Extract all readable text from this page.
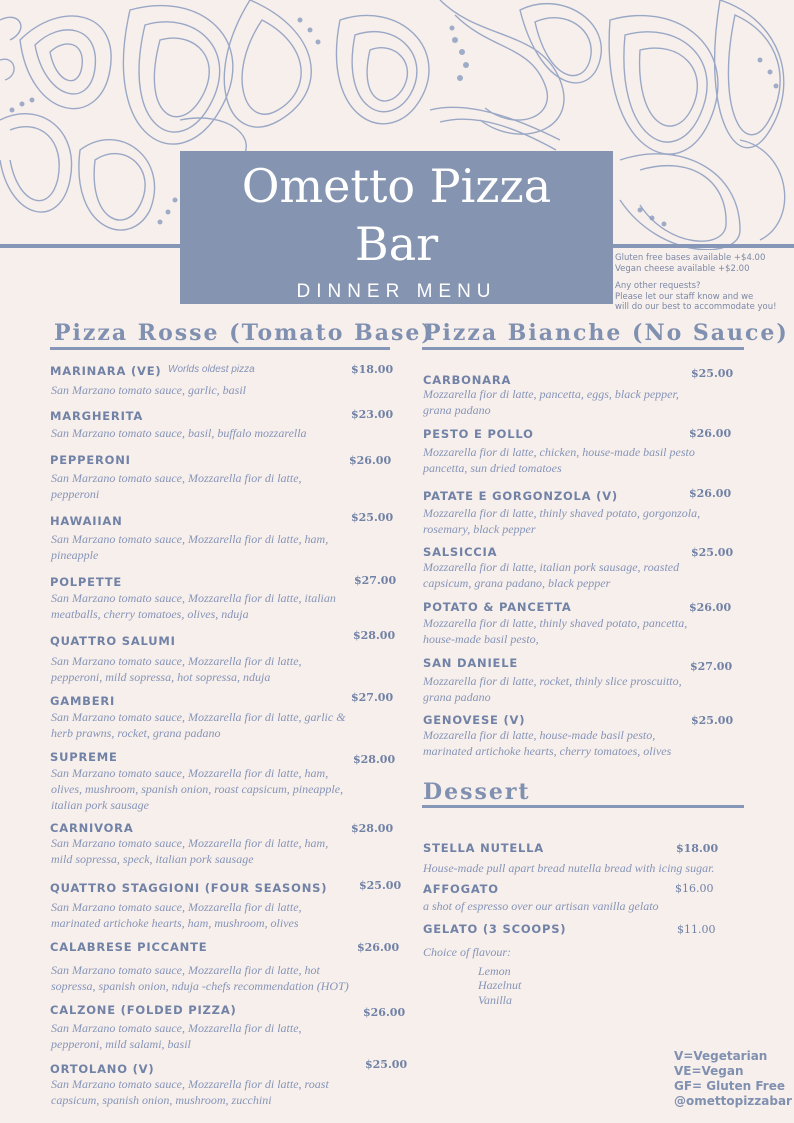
Ometto Pizza
Bar
DINNER MENU
Gluten free bases available +$4.00
Vegan cheese available +$2.00
Any other requests?
Please let our staff know and we
will do our best to accommodate you!
Pizza Rosse (Tomato Base)
Pizza Bianche (No Sauce)
Dessert
MARINARA (VE) Worlds oldest pizza	$18.00
San Marzano tomato sauce, garlic, basil
MARGHERITA	$23.00
San Marzano tomato sauce, basil, buffalo mozzarella
PEPPERONI	$26.00
San Marzano tomato sauce, Mozzarella fior di latte,
pepperoni
HAWAIIAN	$25.00
San Marzano tomato sauce, Mozzarella fior di latte, ham,
pineapple
POLPETTE	$27.00
San Marzano tomato sauce, Mozzarella fior di latte, italian
meatballs, cherry tomatoes, olives, nduja
QUATTRO SALUMI	$28.00
San Marzano tomato sauce, Mozzarella fior di latte,
pepperoni, mild sopressa, hot sopressa, nduja
GAMBERI	$27.00
San Marzano tomato sauce, Mozzarella fior di latte, garlic &
herb prawns, rocket, grana padano
SUPREME	$28.00
San Marzano tomato sauce, Mozzarella fior di latte, ham,
olives, mushroom, spanish onion, roast capsicum, pineapple,
italian pork sausage
CARNIVORA	$28.00
San Marzano tomato sauce, Mozzarella fior di latte, ham,
mild sopressa, speck, italian pork sausage
QUATTRO STAGGIONI (FOUR SEASONS)	$25.00
San Marzano tomato sauce, Mozzarella fior di latte,
marinated artichoke hearts, ham, mushroom, olives
CALABRESE PICCANTE	$26.00
San Marzano tomato sauce, Mozzarella fior di latte, hot
sopressa, spanish onion, nduja -chefs recommendation (HOT)
CALZONE (FOLDED PIZZA)	$26.00
San Marzano tomato sauce, Mozzarella fior di latte,
pepperoni, mild salami, basil
ORTOLANO (V)	$25.00
San Marzano tomato sauce, Mozzarella fior di latte, roast
capsicum, spanish onion, mushroom, zucchini
CARBONARA	$25.00
Mozzarella fior di latte, pancetta, eggs, black pepper,
grana padano
PESTO E POLLO	$26.00
Mozzarella fior di latte, chicken, house-made basil pesto
pancetta, sun dried tomatoes
PATATE E GORGONZOLA (V)	$26.00
Mozzarella fior di latte, thinly shaved potato, gorgonzola,
rosemary, black pepper
SALSICCIA	$25.00
Mozzarella fior di latte, italian pork sausage, roasted
capsicum, grana padano, black pepper
POTATO & PANCETTA	$26.00
Mozzarella fior di latte, thinly shaved potato, pancetta,
house-made basil pesto,
SAN DANIELE	$27.00
Mozzarella fior di latte, rocket, thinly slice proscuitto,
grana padano
GENOVESE (V)	$25.00
Mozzarella fior di latte, house-made basil pesto,
marinated artichoke hearts, cherry tomatoes, olives
STELLA NUTELLA	$18.00
House-made pull apart bread nutella bread with icing sugar.
AFFOGATO	$16.00
a shot of espresso over our artisan vanilla gelato
GELATO (3 SCOOPS)	$11.00
Choice of flavour:
Lemon
Hazelnut
Vanilla
V=Vegetarian
VE=Vegan
GF= Gluten Free
@omettopizzabar
